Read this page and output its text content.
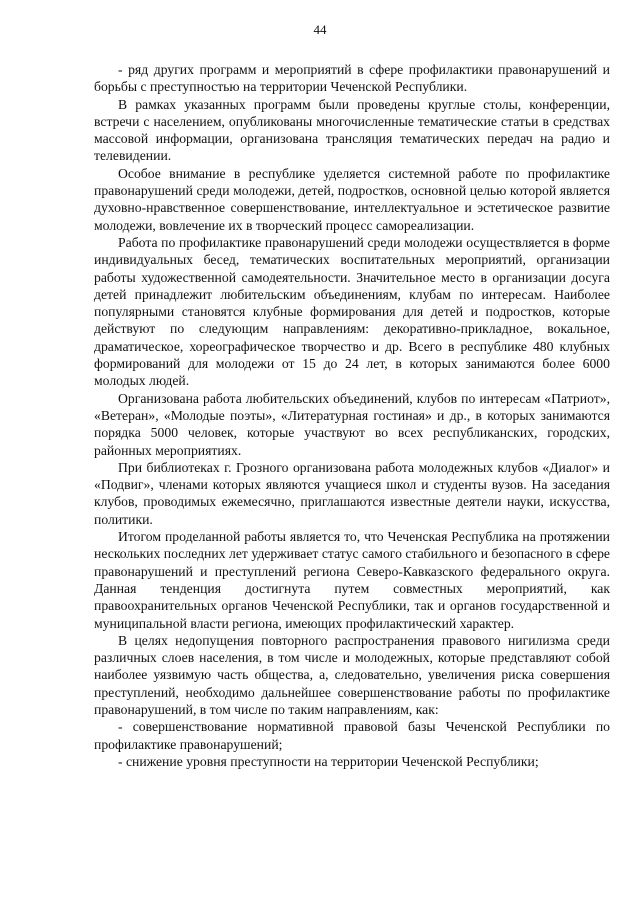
44

- ряд других программ и мероприятий в сфере профилактики правонарушений и борьбы с преступностью на территории Чеченской Республики.

В рамках указанных программ были проведены круглые столы, конференции, встречи с населением, опубликованы многочисленные тематические статьи в средствах массовой информации, организована трансляция тематических передач на радио и телевидении.

Особое внимание в республике уделяется системной работе по профилактике правонарушений среди молодежи, детей, подростков, основной целью которой является духовно-нравственное совершенствование, интеллектуальное и эстетическое развитие молодежи, вовлечение их в творческий процесс самореализации.

Работа по профилактике правонарушений среди молодежи осуществляется в форме индивидуальных бесед, тематических воспитательных мероприятий, организации работы художественной самодеятельности. Значительное место в организации досуга детей принадлежит любительским объединениям, клубам по интересам. Наиболее популярными становятся клубные формирования для детей и подростков, которые действуют по следующим направлениям: декоративно-прикладное, вокальное, драматическое, хореографическое творчество и др. Всего в республике 480 клубных формирований для молодежи от 15 до 24 лет, в которых занимаются более 6000 молодых людей.

Организована работа любительских объединений, клубов по интересам «Патриот», «Ветеран», «Молодые поэты», «Литературная гостиная» и др., в которых занимаются порядка 5000 человек, которые участвуют во всех республиканских, городских, районных мероприятиях.

При библиотеках г. Грозного организована работа молодежных клубов «Диалог» и «Подвиг», членами которых являются учащиеся школ и студенты вузов. На заседания клубов, проводимых ежемесячно, приглашаются известные деятели науки, искусства, политики.

Итогом проделанной работы является то, что Чеченская Республика на протяжении нескольких последних лет удерживает статус самого стабильного и безопасного в сфере правонарушений и преступлений региона Северо-Кавказского федерального округа. Данная тенденция достигнута путем совместных мероприятий, как правоохранительных органов Чеченской Республики, так и органов государственной и муниципальной власти региона, имеющих профилактический характер.

В целях недопущения повторного распространения правового нигилизма среди различных слоев населения, в том числе и молодежных, которые представляют собой наиболее уязвимую часть общества, а, следовательно, увеличения риска совершения преступлений, необходимо дальнейшее совершенствование работы по профилактике правонарушений, в том числе по таким направлениям, как:

- совершенствование нормативной правовой базы Чеченской Республики по профилактике правонарушений;

- снижение уровня преступности на территории Чеченской Республики;
